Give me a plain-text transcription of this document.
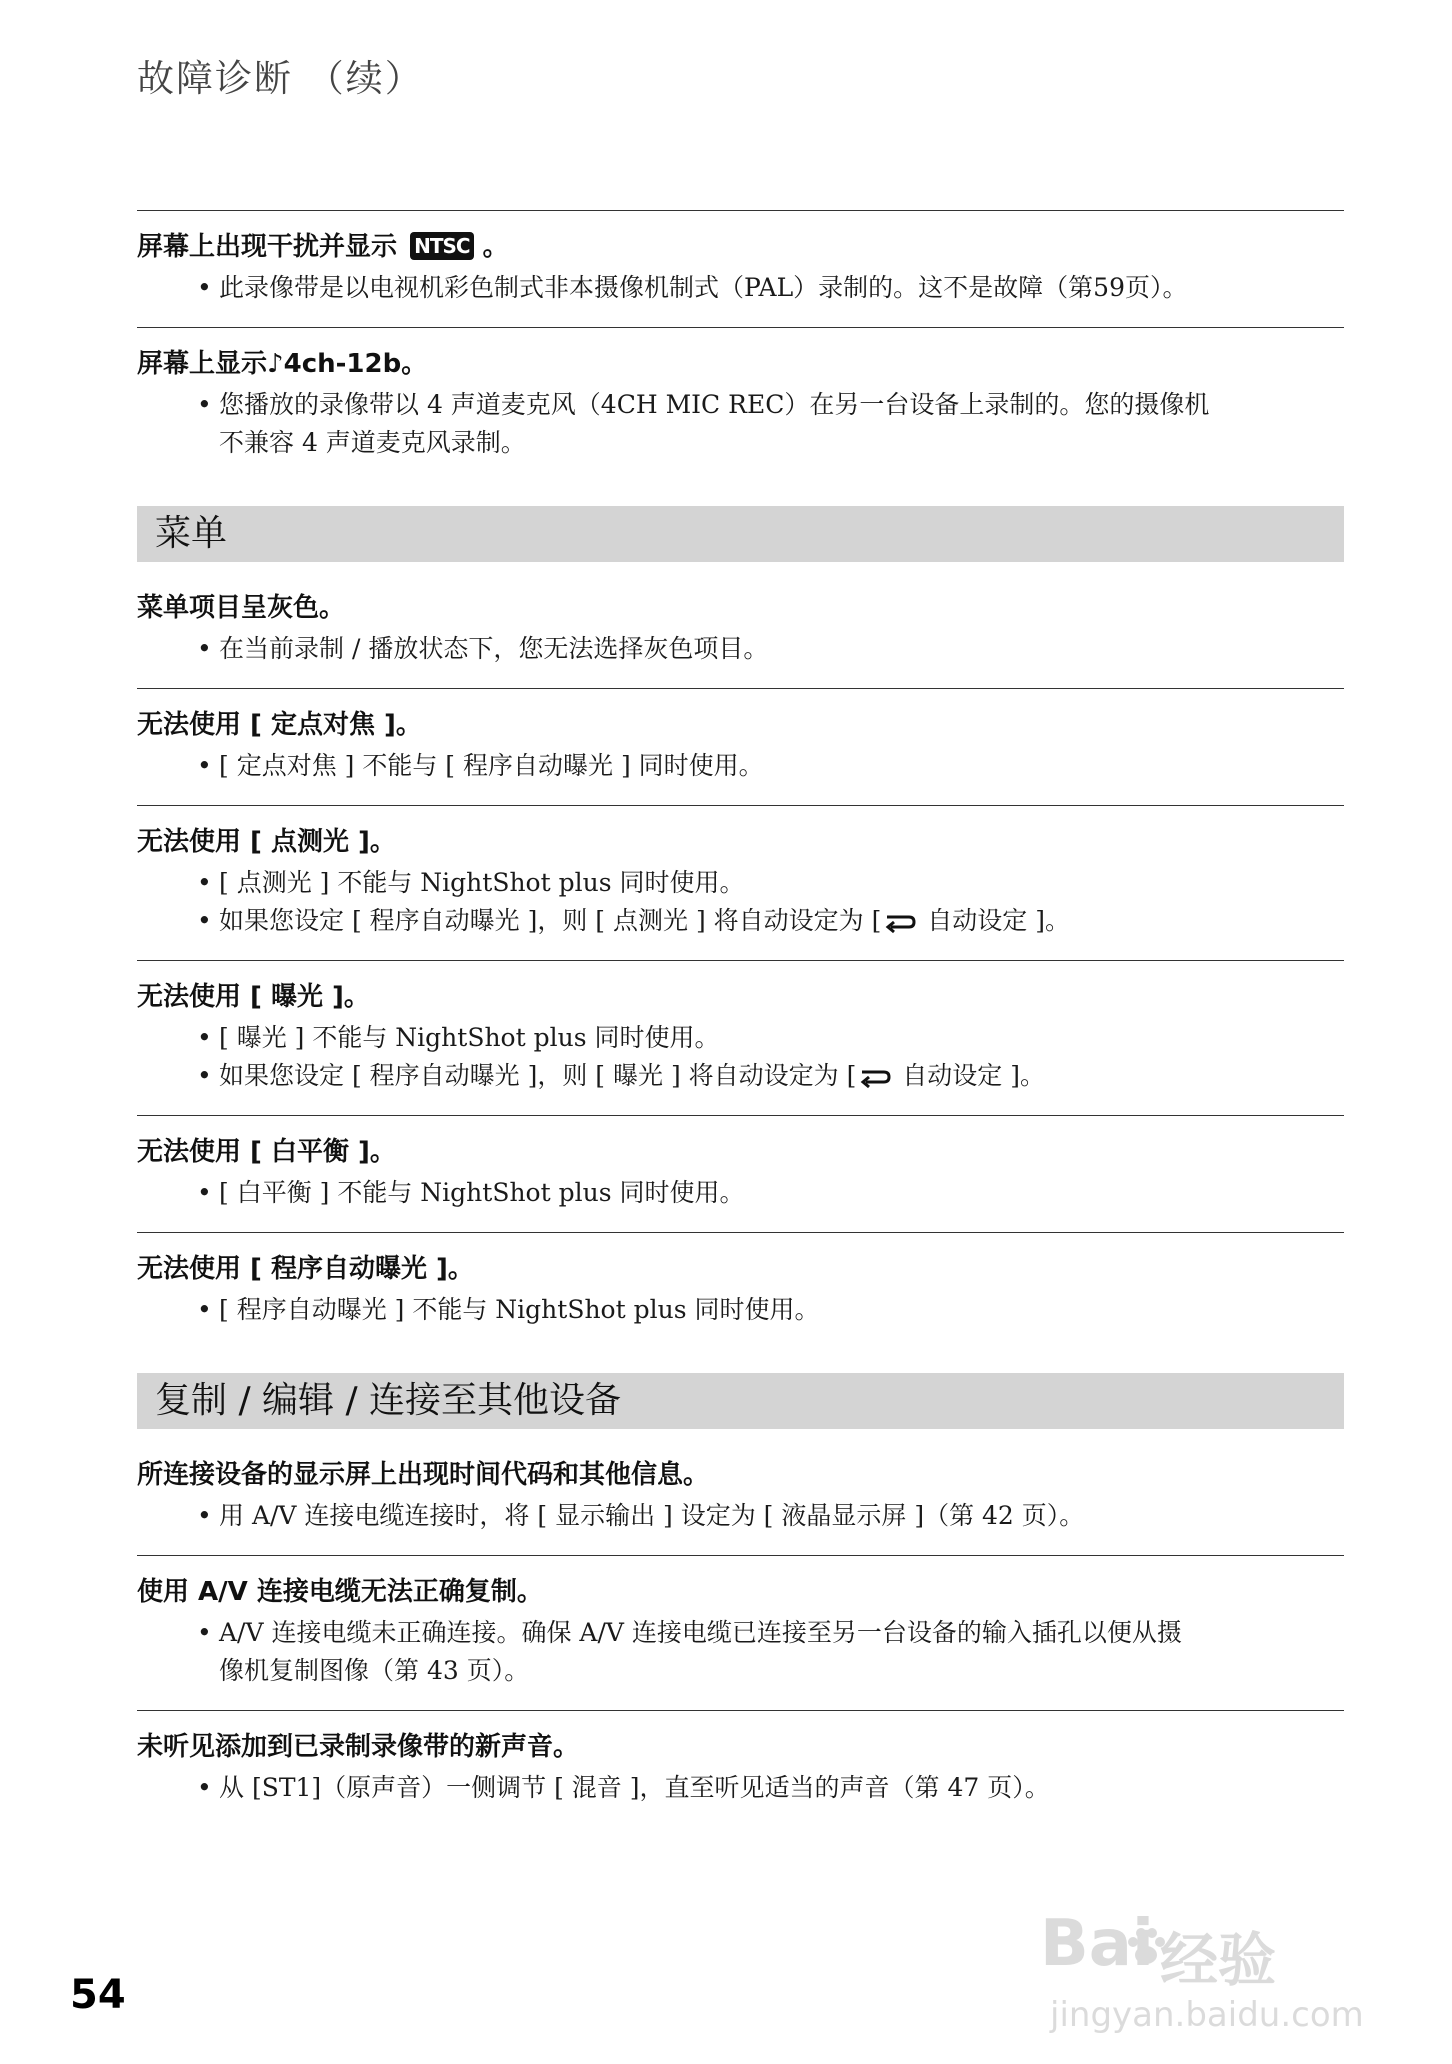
故障诊断 （续）
屏幕上出现干扰并显示 NTSC 。
• 此录像带是以电视机彩色制式非本摄像机制式（PAL）录制的。这不是故障（第59页）。
屏幕上显示♪4ch-12b。
• 您播放的录像带以 4 声道麦克风（4CH MIC REC）在另一台设备上录制的。您的摄像机
不兼容 4 声道麦克风录制。
菜单
菜单项目呈灰色。
• 在当前录制 / 播放状态下，您无法选择灰色项目。
无法使用 [ 定点对焦 ]。
• [ 定点对焦 ] 不能与 [ 程序自动曝光 ] 同时使用。
无法使用 [ 点测光 ]。
• [ 点测光 ] 不能与 NightShot plus 同时使用。
• 如果您设定 [ 程序自动曝光 ]，则 [ 点测光 ] 将自动设定为 [ 自动设定 ]。
无法使用 [ 曝光 ]。
• [ 曝光 ] 不能与 NightShot plus 同时使用。
• 如果您设定 [ 程序自动曝光 ]，则 [ 曝光 ] 将自动设定为 [ 自动设定 ]。
无法使用 [ 白平衡 ]。
• [ 白平衡 ] 不能与 NightShot plus 同时使用。
无法使用 [ 程序自动曝光 ]。
• [ 程序自动曝光 ] 不能与 NightShot plus 同时使用。
复制 / 编辑 / 连接至其他设备
所连接设备的显示屏上出现时间代码和其他信息。
• 用 A/V 连接电缆连接时，将 [ 显示输出 ] 设定为 [ 液晶显示屏 ]（第 42 页）。
使用 A/V 连接电缆无法正确复制。
• A/V 连接电缆未正确连接。确保 A/V 连接电缆已连接至另一台设备的输入插孔以便从摄
像机复制图像（第 43 页）。
未听见添加到已录制录像带的新声音。
• 从 [ST1]（原声音）一侧调节 [ 混音 ]，直至听见适当的声音（第 47 页）。
Bai 经验
jingyan.baidu.com
54
